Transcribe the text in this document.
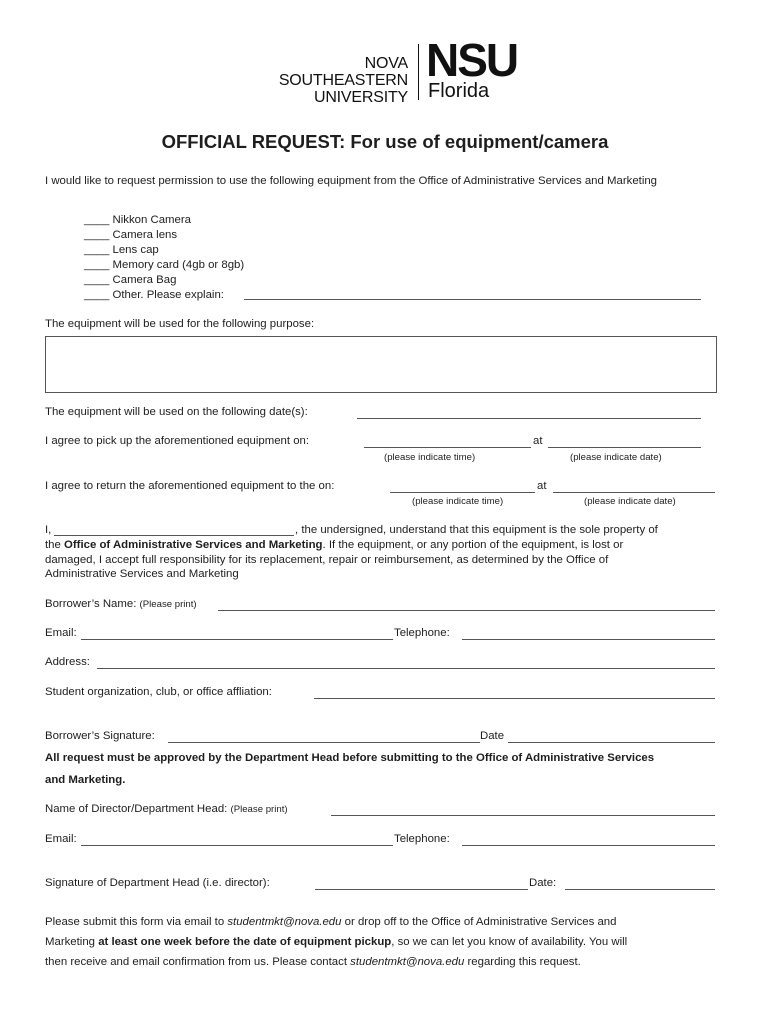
NOVA SOUTHEASTERN
UNIVERSITY
NSU
Florida
OFFICIAL REQUEST: For use of equipment/camera
I would like to request permission to use the following equipment from the Office of Administrative Services and Marketing
____ Nikkon Camera
____ Camera lens
____ Lens cap
____ Memory card (4gb or 8gb)
____ Camera Bag
____ Other. Please explain:
The equipment will be used for the following purpose:
The equipment will be used on the following date(s):
I agree to pick up the aforementioned equipment on:	at
(please indicate time)	(please indicate date)
I agree to return the aforementioned equipment to the on:	at
(please indicate time)	(please indicate date)
I,	, the undersigned, understand that this equipment is the sole property of
the Office of Administrative Services and Marketing. If the equipment, or any portion of the equipment, is lost or
damaged, I accept full responsibility for its replacement, repair or reimbursement, as determined by the Office of
Administrative Services and Marketing
Borrower’s Name: (Please print)
Email:	Telephone:
Address:
Student organization, club, or office affliation:
Borrower’s Signature:	Date
All request must be approved by the Department Head before submitting to the Office of Administrative Services
and Marketing.
Name of Director/Department Head: (Please print)
Email:	Telephone:
Signature of Department Head (i.e. director):	Date:
Please submit this form via email to studentmkt@nova.edu or drop off to the Office of Administrative Services and
Marketing at least one week before the date of equipment pickup, so we can let you know of availability. You will
then receive and email confirmation from us. Please contact studentmkt@nova.edu regarding this request.
